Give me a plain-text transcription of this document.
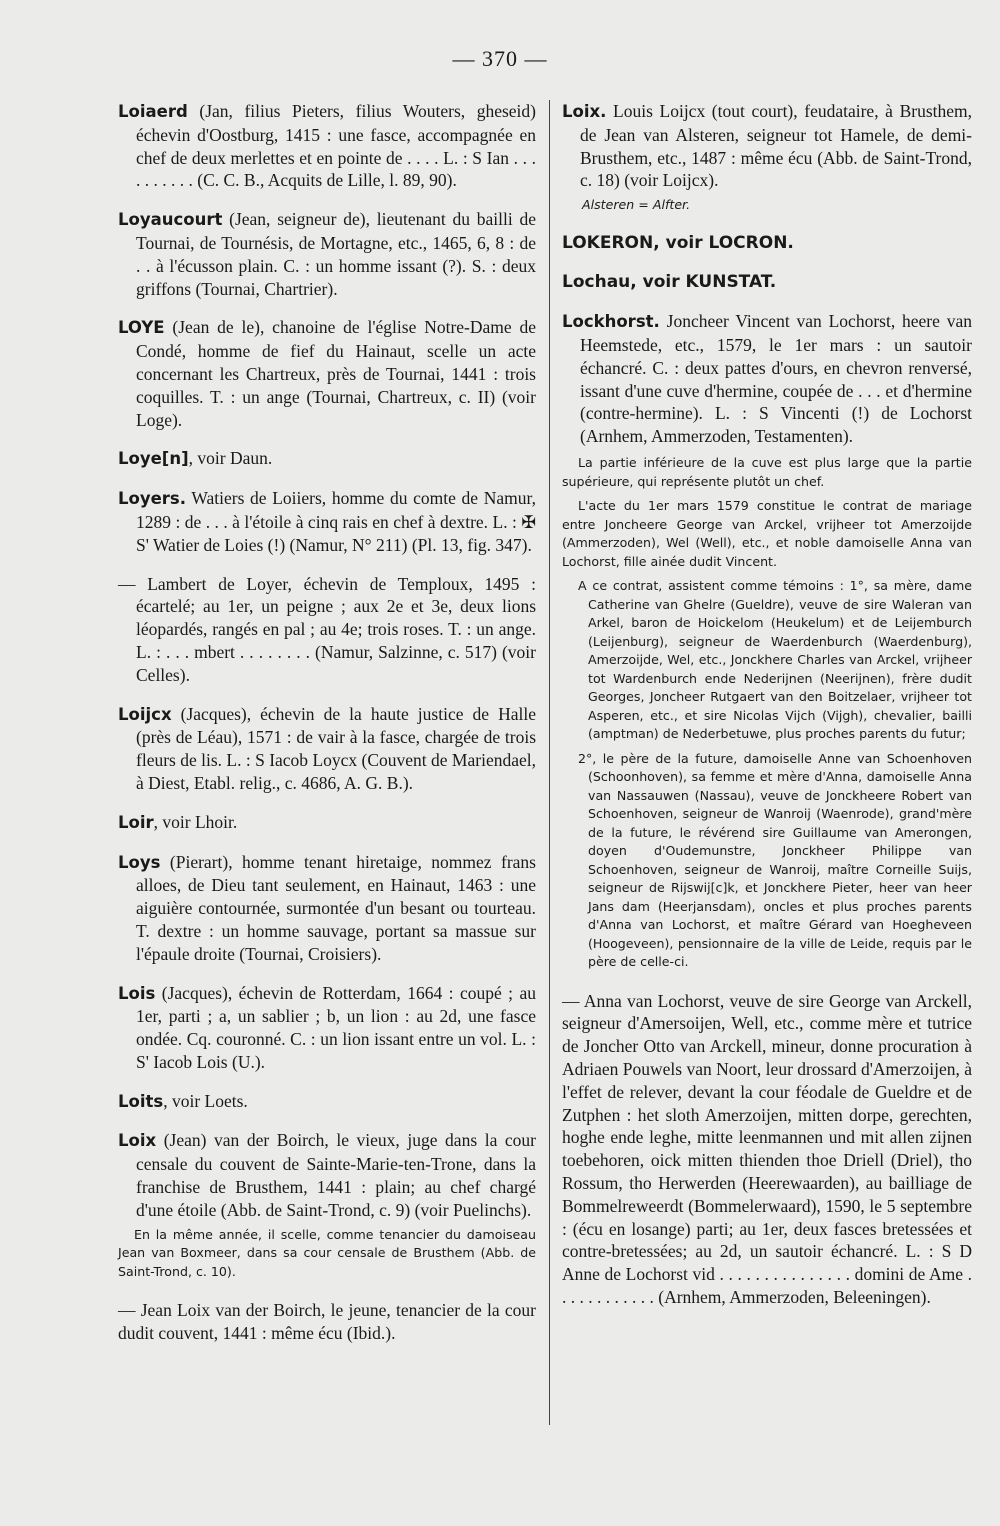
— 370 —

Loiaerd (Jan, filius Pieters, filius Wouters, gheseid) échevin d'Oostburg, 1415 : une fasce, accompagnée en chef de deux merlettes et en pointe de . . . . L. : S Ian . . . . . . . . . . (C. C. B., Acquits de Lille, l. 89, 90).

Loyaucourt (Jean, seigneur de), lieutenant du bailli de Tournai, de Tournésis, de Mortagne, etc., 1465, 6, 8 : de . . à l'écusson plain. C. : un homme issant (?). S. : deux griffons (Tournai, Chartrier).

LOYE (Jean de le), chanoine de l'église Notre-Dame de Condé, homme de fief du Hainaut, scelle un acte concernant les Chartreux, près de Tournai, 1441 : trois coquilles. T. : un ange (Tournai, Chartreux, c. II) (voir Loge).

Loye[n], voir Daun.

Loyers. Watiers de Loiiers, homme du comte de Namur, 1289 : de . . . à l'étoile à cinq rais en chef à dextre. L. : ✠ S' Watier de Loies (!) (Namur, N° 211) (Pl. 13, fig. 347).

— Lambert de Loyer, échevin de Temploux, 1495 : écartelé; au 1er, un peigne ; aux 2e et 3e, deux lions léopardés, rangés en pal ; au 4e; trois roses. T. : un ange. L. : . . . mbert . . . . . . . . (Namur, Salzinne, c. 517) (voir Celles).

Loijcx (Jacques), échevin de la haute justice de Halle (près de Léau), 1571 : de vair à la fasce, chargée de trois fleurs de lis. L. : S Iacob Loycx (Couvent de Mariendael, à Diest, Etabl. relig., c. 4686, A. G. B.).

Loir, voir Lhoir.

Loys (Pierart), homme tenant hiretaige, nommez frans alloes, de Dieu tant seulement, en Hainaut, 1463 : une aiguière contournée, surmontée d'un besant ou tourteau. T. dextre : un homme sauvage, portant sa massue sur l'épaule droite (Tournai, Croisiers).

Lois (Jacques), échevin de Rotterdam, 1664 : coupé ; au 1er, parti ; a, un sablier ; b, un lion : au 2d, une fasce ondée. Cq. couronné. C. : un lion issant entre un vol. L. : S' Iacob Lois (U.).

Loits, voir Loets.

Loix (Jean) van der Boirch, le vieux, juge dans la cour censale du couvent de Sainte-Marie-ten-Trone, dans la franchise de Brusthem, 1441 : plain; au chef chargé d'une étoile (Abb. de Saint-Trond, c. 9) (voir Puelinchs).

En la même année, il scelle, comme tenancier du damoiseau Jean van Boxmeer, dans sa cour censale de Brusthem (Abb. de Saint-Trond, c. 10).

— Jean Loix van der Boirch, le jeune, tenancier de la cour dudit couvent, 1441 : même écu (Ibid.).

Loix. Louis Loijcx (tout court), feudataire, à Brusthem, de Jean van Alsteren, seigneur tot Hamele, de demi-Brusthem, etc., 1487 : même écu (Abb. de Saint-Trond, c. 18) (voir Loijcx).

Alsteren = Alfter.

LOKERON, voir LOCRON.

Lochau, voir KUNSTAT.

Lockhorst. Joncheer Vincent van Lochorst, heere van Heemstede, etc., 1579, le 1er mars : un sautoir échancré. C. : deux pattes d'ours, en chevron renversé, issant d'une cuve d'hermine, coupée de . . . et d'hermine (contre-hermine). L. : S Vincenti (!) de Lochorst (Arnhem, Ammerzoden, Testamenten).

La partie inférieure de la cuve est plus large que la partie supérieure, qui représente plutôt un chef.

L'acte du 1er mars 1579 constitue le contrat de mariage entre Joncheere George van Arckel, vrijheer tot Amerzoijde (Ammerzoden), Wel (Well), etc., et noble damoiselle Anna van Lochorst, fille ainée dudit Vincent.

A ce contrat, assistent comme témoins : 1°, sa mère, dame Catherine van Ghelre (Gueldre), veuve de sire Waleran van Arkel, baron de Hoickelom (Heukelum) et de Leijemburch (Leijenburg), seigneur de Waerdenburch (Waerdenburg), Amerzoijde, Wel, etc., Jonckhere Charles van Arckel, vrijheer tot Wardenburch ende Nederijnen (Neerijnen), frère dudit Georges, Joncheer Rutgaert van den Boitzelaer, vrijheer tot Asperen, etc., et sire Nicolas Vijch (Vijgh), chevalier, bailli (amptman) de Nederbetuwe, plus proches parents du futur;

2°, le père de la future, damoiselle Anne van Schoenhoven (Schoonhoven), sa femme et mère d'Anna, damoiselle Anna van Nassauwen (Nassau), veuve de Jonckheere Robert van Schoenhoven, seigneur de Wanroij (Waenrode), grand'mère de la future, le révérend sire Guillaume van Amerongen, doyen d'Oudemunstre, Jonckheer Philippe van Schoenhoven, seigneur de Wanroij, maître Corneille Suijs, seigneur de Rijswij[c]k, et Jonckhere Pieter, heer van heer Jans dam (Heerjansdam), oncles et plus proches parents d'Anna van Lochorst, et maître Gérard van Hoegheveen (Hoogeveen), pensionnaire de la ville de Leide, requis par le père de celle-ci.

— Anna van Lochorst, veuve de sire George van Arckell, seigneur d'Amersoijen, Well, etc., comme mère et tutrice de Joncher Otto van Arckell, mineur, donne procuration à Adriaen Pouwels van Noort, leur drossard d'Amerzoijen, à l'effet de relever, devant la cour féodale de Gueldre et de Zutphen : het sloth Amerzoijen, mitten dorpe, gerechten, hoghe ende leghe, mitte leenmannen und mit allen zijnen toebehoren, oick mitten thienden thoe Driell (Driel), tho Rossum, tho Herwerden (Heerewaarden), au bailliage de Bommelreweerdt (Bommelerwaard), 1590, le 5 septembre : (écu en losange) parti; au 1er, deux fasces bretessées et contre-bretessées; au 2d, un sautoir échancré. L. : S D Anne de Lochorst vid . . . . . . . . . . . . . . . domini de Ame . . . . . . . . . . . . (Arnhem, Ammerzoden, Beleeningen).
